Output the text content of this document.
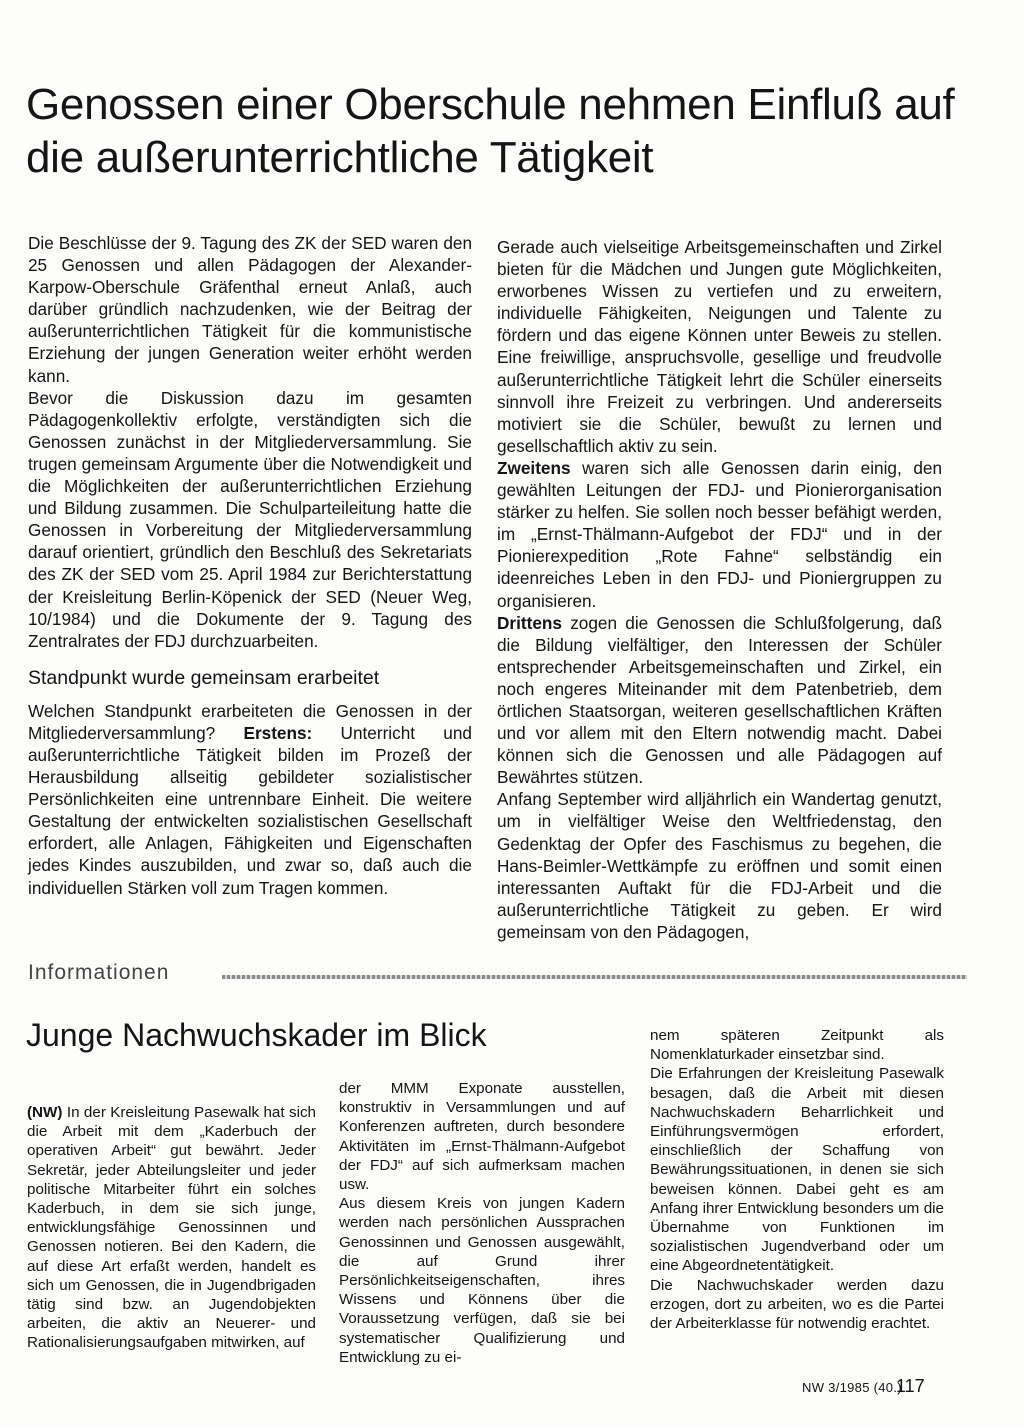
Genossen einer Oberschule nehmen Einfluß auf die außerunterrichtliche Tätigkeit

Die Beschlüsse der 9. Tagung des ZK der SED waren den 25 Genossen und allen Pädagogen der Alexander-Karpow-Oberschule Gräfenthal erneut Anlaß, auch darüber gründlich nachzudenken, wie der Beitrag der außerunterrichtlichen Tätigkeit für die kommunistische Erziehung der jungen Generation weiter erhöht werden kann.

Bevor die Diskussion dazu im gesamten Pädagogenkollektiv erfolgte, verständigten sich die Genossen zunächst in der Mitgliederversammlung. Sie trugen gemeinsam Argumente über die Notwendigkeit und die Möglichkeiten der außerunterrichtlichen Erziehung und Bildung zusammen. Die Schulparteileitung hatte die Genossen in Vorbereitung der Mitgliederversammlung darauf orientiert, gründlich den Beschluß des Sekretariats des ZK der SED vom 25. April 1984 zur Berichterstattung der Kreisleitung Berlin-Köpenick der SED (Neuer Weg, 10/1984) und die Dokumente der 9. Tagung des Zentralrates der FDJ durchzuarbeiten.

Standpunkt wurde gemeinsam erarbeitet

Welchen Standpunkt erarbeiteten die Genossen in der Mitgliederversammlung? Erstens: Unterricht und außerunterrichtliche Tätigkeit bilden im Prozeß der Herausbildung allseitig gebildeter sozialistischer Persönlichkeiten eine untrennbare Einheit. Die weitere Gestaltung der entwickelten sozialistischen Gesellschaft erfordert, alle Anlagen, Fähigkeiten und Eigenschaften jedes Kindes auszubilden, und zwar so, daß auch die individuellen Stärken voll zum Tragen kommen.

Gerade auch vielseitige Arbeitsgemeinschaften und Zirkel bieten für die Mädchen und Jungen gute Möglichkeiten, erworbenes Wissen zu vertiefen und zu erweitern, individuelle Fähigkeiten, Neigungen und Talente zu fördern und das eigene Können unter Beweis zu stellen. Eine freiwillige, anspruchsvolle, gesellige und freudvolle außerunterrichtliche Tätigkeit lehrt die Schüler einerseits sinnvoll ihre Freizeit zu verbringen. Und andererseits motiviert sie die Schüler, bewußt zu lernen und gesellschaftlich aktiv zu sein.

Zweitens waren sich alle Genossen darin einig, den gewählten Leitungen der FDJ- und Pionierorganisation stärker zu helfen. Sie sollen noch besser befähigt werden, im „Ernst-Thälmann-Aufgebot der FDJ“ und in der Pionierexpedition „Rote Fahne“ selbständig ein ideenreiches Leben in den FDJ- und Pioniergruppen zu organisieren.

Drittens zogen die Genossen die Schlußfolgerung, daß die Bildung vielfältiger, den Interessen der Schüler entsprechender Arbeitsgemeinschaften und Zirkel, ein noch engeres Miteinander mit dem Patenbetrieb, dem örtlichen Staatsorgan, weiteren gesellschaftlichen Kräften und vor allem mit den Eltern notwendig macht. Dabei können sich die Genossen und alle Pädagogen auf Bewährtes stützen.

Anfang September wird alljährlich ein Wandertag genutzt, um in vielfältiger Weise den Weltfriedenstag, den Gedenktag der Opfer des Faschismus zu begehen, die Hans-Beimler-Wettkämpfe zu eröffnen und somit einen interessanten Auftakt für die FDJ-Arbeit und die außerunterrichtliche Tätigkeit zu geben. Er wird gemeinsam von den Pädagogen,

Informationen
Junge Nachwuchskader im Blick

(NW) In der Kreisleitung Pasewalk hat sich die Arbeit mit dem „Kaderbuch der operativen Arbeit“ gut bewährt. Jeder Sekretär, jeder Abteilungsleiter und jeder politische Mitarbeiter führt ein solches Kaderbuch, in dem sie sich junge, entwicklungsfähige Genossinnen und Genossen notieren. Bei den Kadern, die auf diese Art erfaßt werden, handelt es sich um Genossen, die in Jugendbrigaden tätig sind bzw. an Jugendobjekten arbeiten, die aktiv an Neuerer- und Rationalisierungsaufgaben mitwirken, auf

der MMM Exponate ausstellen, konstruktiv in Versammlungen und auf Konferenzen auftreten, durch besondere Aktivitäten im „Ernst-Thälmann-Aufgebot der FDJ“ auf sich aufmerksam machen usw.

Aus diesem Kreis von jungen Kadern werden nach persönlichen Aussprachen Genossinnen und Genossen ausgewählt, die auf Grund ihrer Persönlichkeitseigenschaften, ihres Wissens und Könnens über die Voraussetzung verfügen, daß sie bei systematischer Qualifizierung und Entwicklung zu ei-

nem späteren Zeitpunkt als Nomenklaturkader einsetzbar sind.

Die Erfahrungen der Kreisleitung Pasewalk besagen, daß die Arbeit mit diesen Nachwuchskadern Beharrlichkeit und Einführungsvermögen erfordert, einschließlich der Schaffung von Bewährungssituationen, in denen sie sich beweisen können. Dabei geht es am Anfang ihrer Entwicklung besonders um die Übernahme von Funktionen im sozialistischen Jugendverband oder um eine Abgeordnetentätigkeit.

Die Nachwuchskader werden dazu erzogen, dort zu arbeiten, wo es die Partei der Arbeiterklasse für notwendig erachtet.

NW 3/1985 (40.)
117
